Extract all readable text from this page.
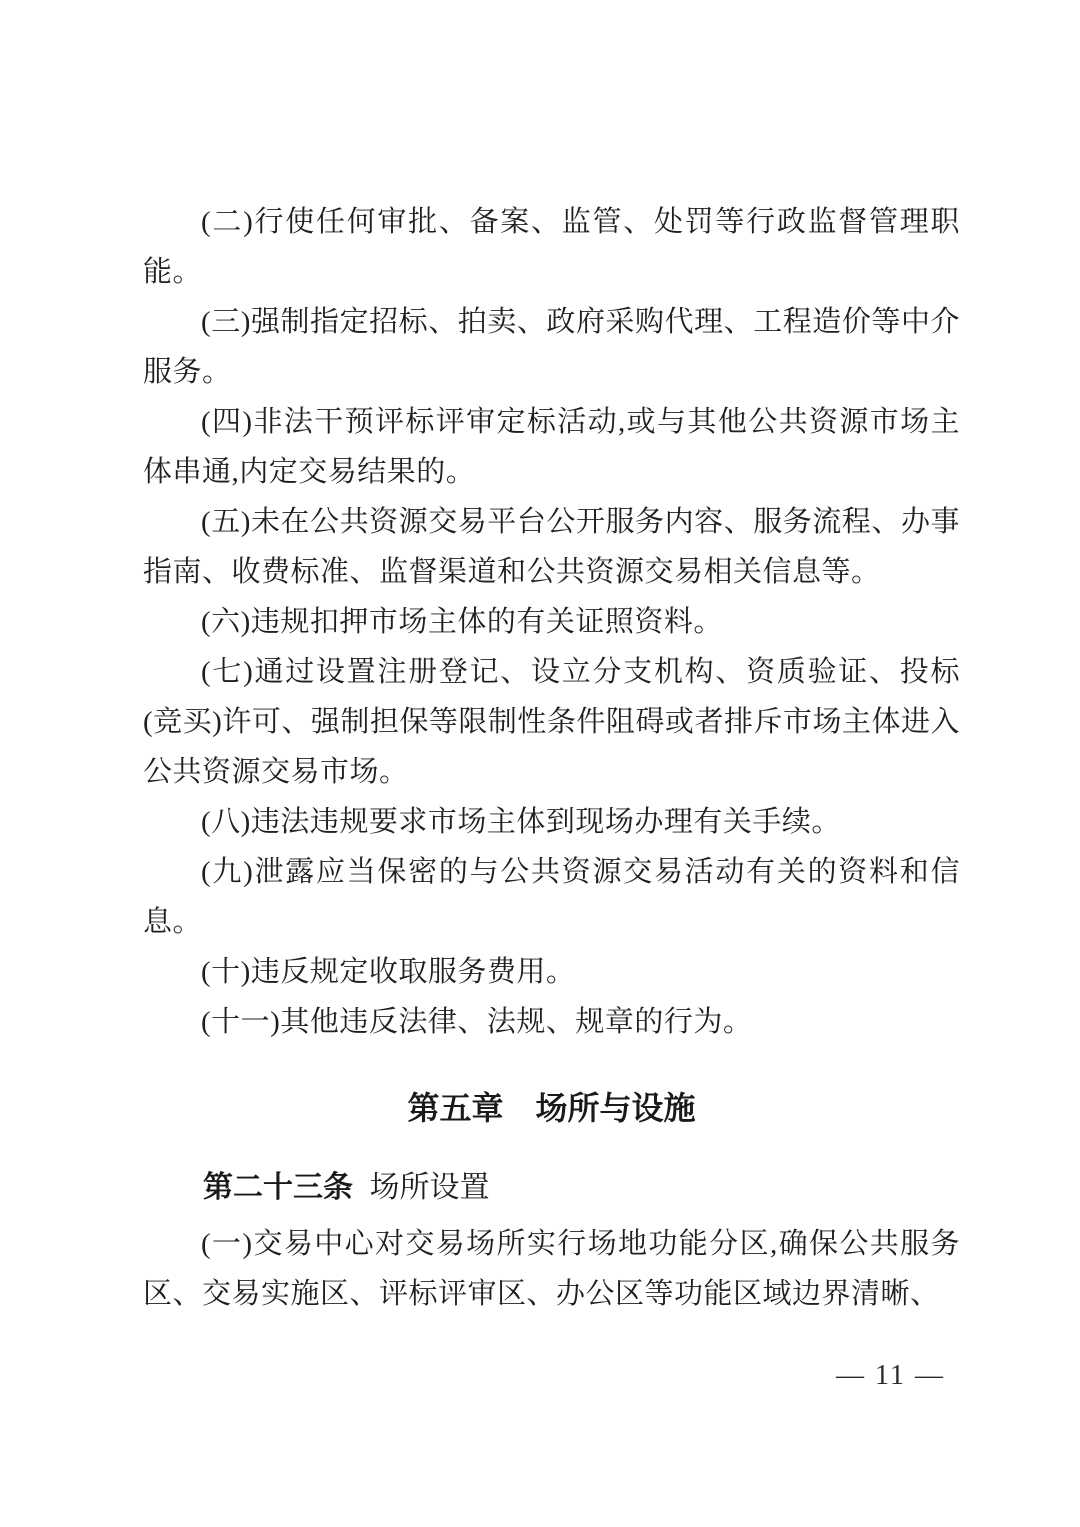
(二)行使任何审批、备案、监管、处罚等行政监督管理职能。

(三)强制指定招标、拍卖、政府采购代理、工程造价等中介服务。

(四)非法干预评标评审定标活动,或与其他公共资源市场主体串通,内定交易结果的。

(五)未在公共资源交易平台公开服务内容、服务流程、办事指南、收费标准、监督渠道和公共资源交易相关信息等。

(六)违规扣押市场主体的有关证照资料。

(七)通过设置注册登记、设立分支机构、资质验证、投标(竞买)许可、强制担保等限制性条件阻碍或者排斥市场主体进入公共资源交易市场。

(八)违法违规要求市场主体到现场办理有关手续。

(九)泄露应当保密的与公共资源交易活动有关的资料和信息。

(十)违反规定收取服务费用。

(十一)其他违反法律、法规、规章的行为。

第五章 场所与设施

第二十三条 场所设置

(一)交易中心对交易场所实行场地功能分区,确保公共服务区、交易实施区、评标评审区、办公区等功能区域边界清晰、

— 11 —
